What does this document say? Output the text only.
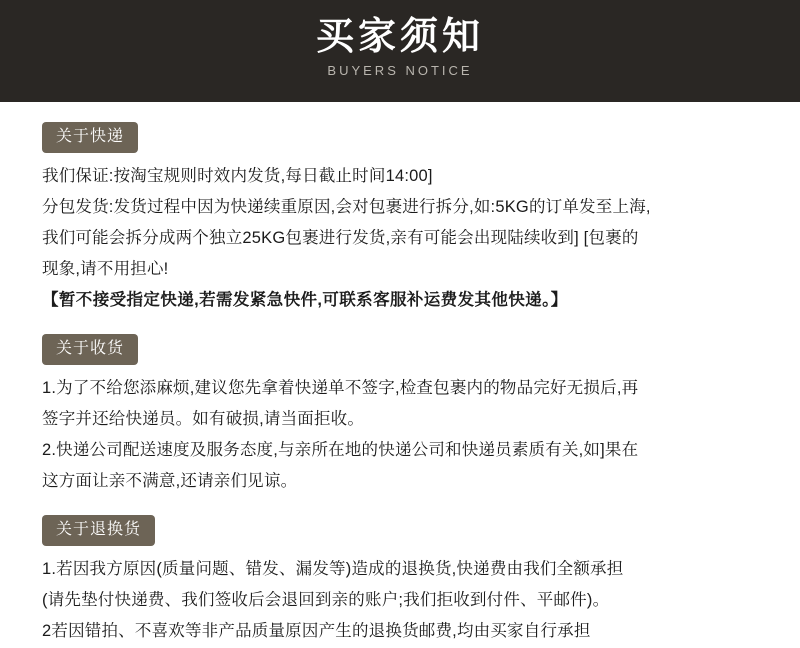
买家须知
BUYERS NOTICE
关于快递
我们保证:按淘宝规则时效内发货,每日截止时间14:00]
分包发货:发货过程中因为快递续重原因,会对包裹进行拆分,如:5KG的订单发至上海,
我们可能会拆分成两个独立25KG包裹进行发货,亲有可能会出现陆续收到] [包裹的
现象,请不用担心!
【暂不接受指定快递,若需发紧急快件,可联系客服补运费发其他快递。】
关于收货
1.为了不给您添麻烦,建议您先拿着快递单不签字,检查包裹内的物品完好无损后,再
签字并还给快递员。如有破损,请当面拒收。
2.快递公司配送速度及服务态度,与亲所在地的快递公司和快递员素质有关,如]果在
这方面让亲不满意,还请亲们见谅。
关于退换货
1.若因我方原因(质量问题、错发、漏发等)造成的退换货,快递费由我们全额承担
(请先垫付快递费、我们签收后会退回到亲的账户;我们拒收到付件、平邮件)。
2若因错拍、不喜欢等非产品质量原因产生的退换货邮费,均由买家自行承担
